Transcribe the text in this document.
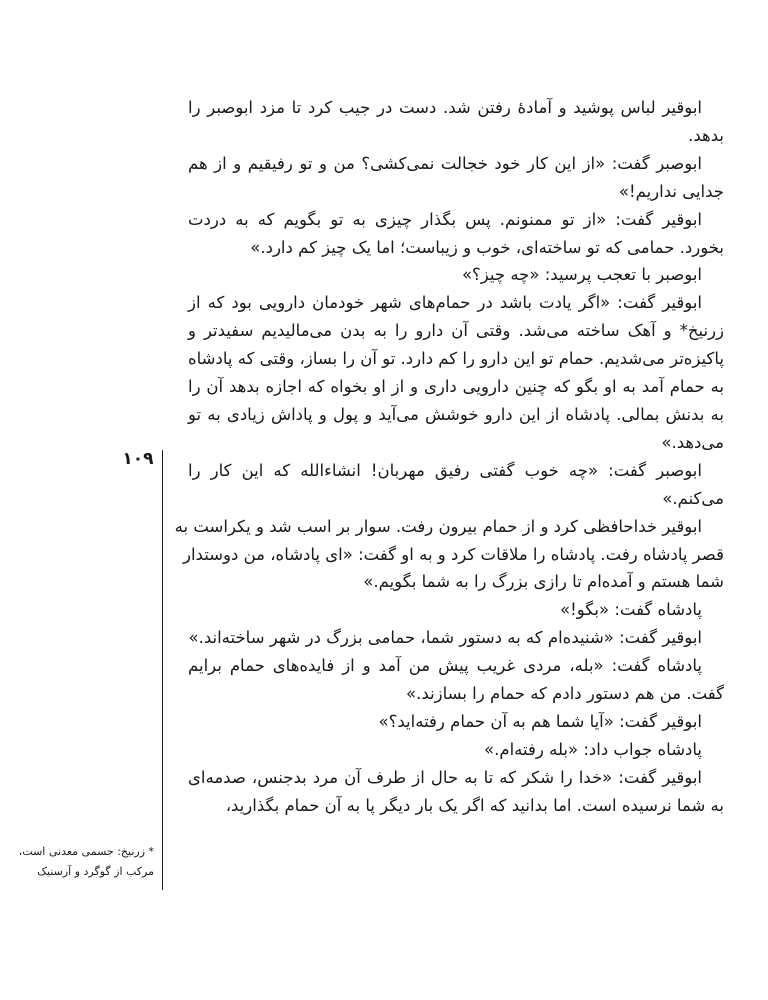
ابوقیر لباس پوشید و آمادهٔ رفتن شد. دست در جیب کرد تا مزد ابوصبر را
بدهد.

ابوصبر گفت: «از این کار خود خجالت نمی‌کشی؟ من و تو رفیقیم و از هم
جدایی نداریم!»

ابوقیر گفت: «از تو ممنونم. پس بگذار چیزی به تو بگویم که به دردت
بخورد. حمامی که تو ساخته‌ای، خوب و زیباست؛ اما یک چیز کم دارد.»

ابوصبر با تعجب پرسید: «چه چیز؟»

ابوقیر گفت: «اگر یادت باشد در حمام‌های شهر خودمان دارویی بود که از
زرنیخ* و آهک ساخته می‌شد. وقتی آن دارو را به بدن می‌مالیدیم سفیدتر و
پاکیزه‌تر می‌شدیم. حمام تو این دارو را کم دارد. تو آن را بساز، وقتی که پادشاه
به حمام آمد به او بگو که چنین دارویی داری و از او بخواه که اجازه بدهد آن را
به بدنش بمالی. پادشاه از این دارو خوشش می‌آید و پول و پاداش زیادی به تو
می‌دهد.»

ابوصبر گفت: «چه خوب گفتی رفیق مهربان! انشاءالله که این کار را
می‌کنم.»

ابوقیر خداحافظی کرد و از حمام بیرون رفت. سوار بر اسب شد و یکراست به
قصر پادشاه رفت. پادشاه را ملاقات کرد و به او گفت: «ای پادشاه، من دوستدار
شما هستم و آمده‌ام تا رازی بزرگ را به شما بگویم.»

پادشاه گفت: «بگو!»

ابوقیر گفت: «شنیده‌ام که به دستور شما، حمامی بزرگ در شهر ساخته‌اند.»

پادشاه گفت: «بله، مردی غریب پیش من آمد و از فایده‌های حمام برایم
گفت. من هم دستور دادم که حمام را بسازند.»

ابوقیر گفت: «آیا شما هم به آن حمام رفته‌اید؟»

پادشاه جواب داد: «بله رفته‌ام.»

ابوقیر گفت: «خدا را شکر که تا به حال از طرف آن مرد بدجنس، صدمه‌ای
به شما نرسیده است. اما بدانید که اگر یک بار دیگر پا به آن حمام بگذارید،

۱۰۹
* زرنیخ: جسمی معدنی است،
مرکب از گوگرد و آرسنیک
